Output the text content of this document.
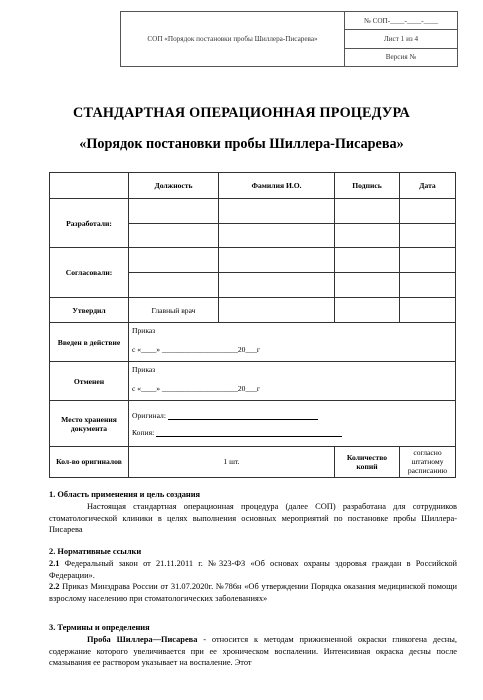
СОП «Порядок постановки пробы Шиллера-Писарева»
№ СОП-____-____-____
Лист 1 из 4
Версия №
СТАНДАРТНАЯ ОПЕРАЦИОННАЯ ПРОЦЕДУРА
«Порядок постановки пробы Шиллера-Писарева»
	Должность	Фамилия И.О.	Подпись	Дата
Разработали:				

Согласовали:				

Утвердил	Главный врач			
Введен в действие	Приказ
с «____» ____________________20___г			

Отменен	Приказ
с «____» ____________________20___г			

Место хранения документа	Оригинал:
Копия:			

Кол-во оригиналов	1 шт.		Количество копий	согласно штатному расписанию
1. Область применения и цель создания
Настоящая стандартная операционная процедура (далее СОП) разработана для сотрудников стоматологической клиники в целях выполнения основных мероприятий по постановке пробы Шиллера-Писарева
2. Нормативные ссылки
2.1 Федеральный закон от 21.11.2011 г. №323-ФЗ «Об основах охраны здоровья граждан в Российской Федерации».
2.2 Приказ Минздрава России от 31.07.2020г. №786н «Об утверждении Порядка оказания медицинской помощи взрослому населению при стоматологических заболеваниях»
3. Термины и определения
Проба Шиллера—Писарева - относится к методам прижизненной окраски гликогена десны, содержание которого увеличивается при ее хроническом воспалении. Интенсивная окраска десны после смазывания ее раствором указывает на воспаление. Этот
